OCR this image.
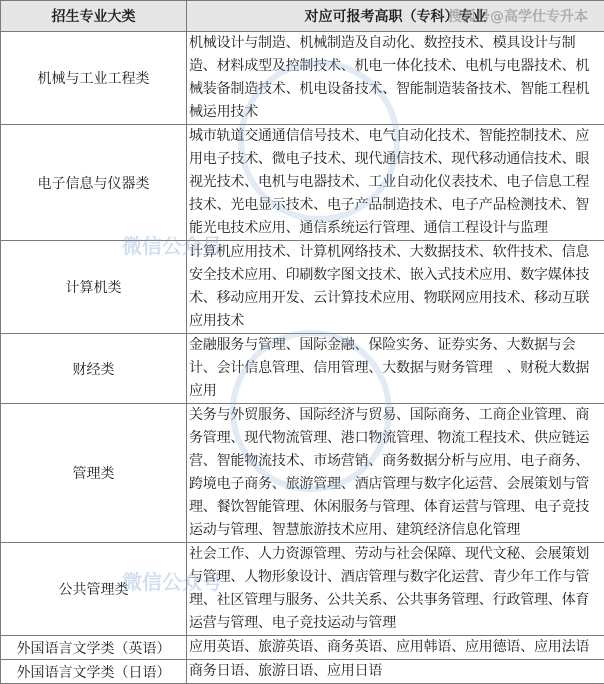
招生专业大类	对应可报考高职（专科）专业
机械与工业工程类	机械设计与制造、机械制造及自动化、数控技术、模具设计与制造、材料成型及控制技术、机电一体化技术、电机与电器技术、机械装备制造技术、机电设备技术、智能制造装备技术、智能工程机械运用技术
电子信息与仪器类	城市轨道交通通信信号技术、电气自动化技术、智能控制技术、应用电子技术、微电子技术、现代通信技术、现代移动通信技术、眼视光技术、电机与电器技术、工业自动化仪表技术、电子信息工程技术、光电显示技术、电子产品制造技术、电子产品检测技术、智能光电技术应用、通信系统运行管理、通信工程设计与监理
计算机类	计算机应用技术、计算机网络技术、大数据技术、软件技术、信息安全技术应用、印刷数字图文技术、嵌入式技术应用、数字媒体技术、移动应用开发、云计算技术应用、物联网应用技术、移动互联应用技术
财经类	金融服务与管理、国际金融、保险实务、证券实务、大数据与会计、会计信息管理、信用管理、大数据与财务管理　、财税大数据应用
管理类	关务与外贸服务、国际经济与贸易、国际商务、工商企业管理、商务管理、现代物流管理、港口物流管理、物流工程技术、供应链运营、智能物流技术、市场营销、商务数据分析与应用、电子商务、跨境电子商务、旅游管理、酒店管理与数字化运营、会展策划与管理、餐饮智能管理、休闲服务与管理、体育运营与管理、电子竞技运动与管理、智慧旅游技术应用、建筑经济信息化管理
公共管理类	社会工作、人力资源管理、劳动与社会保障、现代文秘、会展策划与管理、人物形象设计、酒店管理与数字化运营、青少年工作与管理、社区管理与服务、公共关系、公共事务管理、行政管理、体育运营与管理、电子竞技运动与管理
外国语言文学类（英语）	应用英语、旅游英语、商务英语、应用韩语、应用德语、应用法语
外国语言文学类（日语）	商务日语、旅游日语、应用日语
搜狐号@高学仕专升本
微信公众号
微信公众号
